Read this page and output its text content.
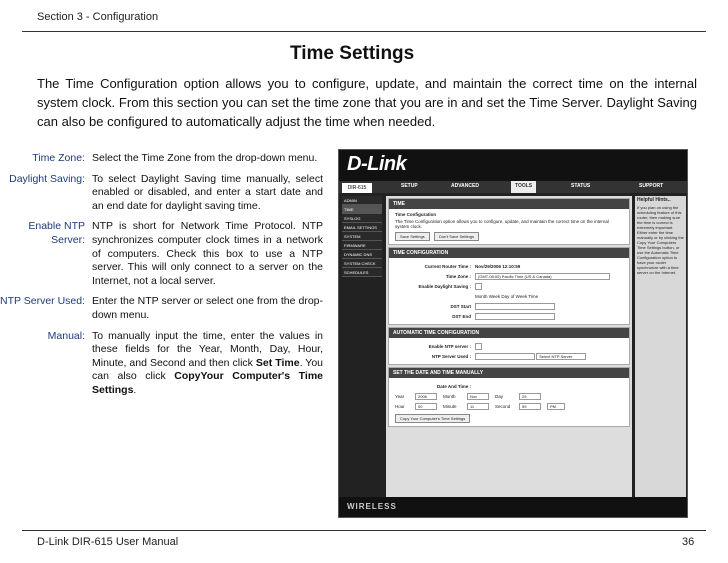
Section 3 - Configuration
Time Settings
The Time Configuration option allows you to configure, update, and maintain the correct time on the internal system clock. From this section you can set the time zone that you are in and set the Time Server. Daylight Saving can also be configured to automatically adjust the time when needed.
Time Zone: Select the Time Zone from the drop-down menu.
Daylight Saving: To select Daylight Saving time manually, select enabled or disabled, and enter a start date and an end date for daylight saving time.
Enable NTP Server:
NTP is short for Network Time Protocol. NTP synchronizes computer clock times in a network of computers. Check this box to use a NTP server. This will only connect to a server on the Internet, not a local server.
NTP Server Used: Enter the NTP server or select one from the drop-down menu.
Manual: To manually input the time, enter the values in these fields for the Year, Month, Day, Hour, Minute, and Second and then click Set Time. You can also click CopyYour Computer's Time Settings.
D-Link
SETUP	ADVANCED	TOOLS	STATUS	SUPPORT
DIR-615
ADMIN
TIME
SYSLOG
EMAIL SETTINGS
SYSTEM
FIRMWARE
DYNAMIC DNS
SYSTEM CHECK
SCHEDULES
TIME
Time Configuration
The Time Configuration option allows you to configure, update, and maintain the correct time on the internal system clock.
Save Settings	Don't Save Settings
TIME CONFIGURATION
Current Router Time : Nov/29/2006 12:10:59
Time Zone :	(GMT-08:00) Pacific Time (US & Canada)
Enable Daylight Saving :
Month Week Day of Week Time
DST Start
DST End
AUTOMATIC TIME CONFIGURATION
Enable NTP server :
NTP Server Used :
	Select NTP Server
SET THE DATE AND TIME MANUALLY
Date And Time :
Year	2006	Month	Nov	Day	29
Hour	00	Minute	11	Second	59	PM
Copy Your Computer's Time Settings
Helpful Hints..
If you plan on using the scheduling feature of this router, then making sure the time is correct is extremely important. Either enter the time manually or by clicking the Copy Your Computers Time Settings button, or use the Automatic Time Configuration option to have your router synchronize with a time server on the Internet.
WIRELESS
D-Link DIR-615 User Manual	36
